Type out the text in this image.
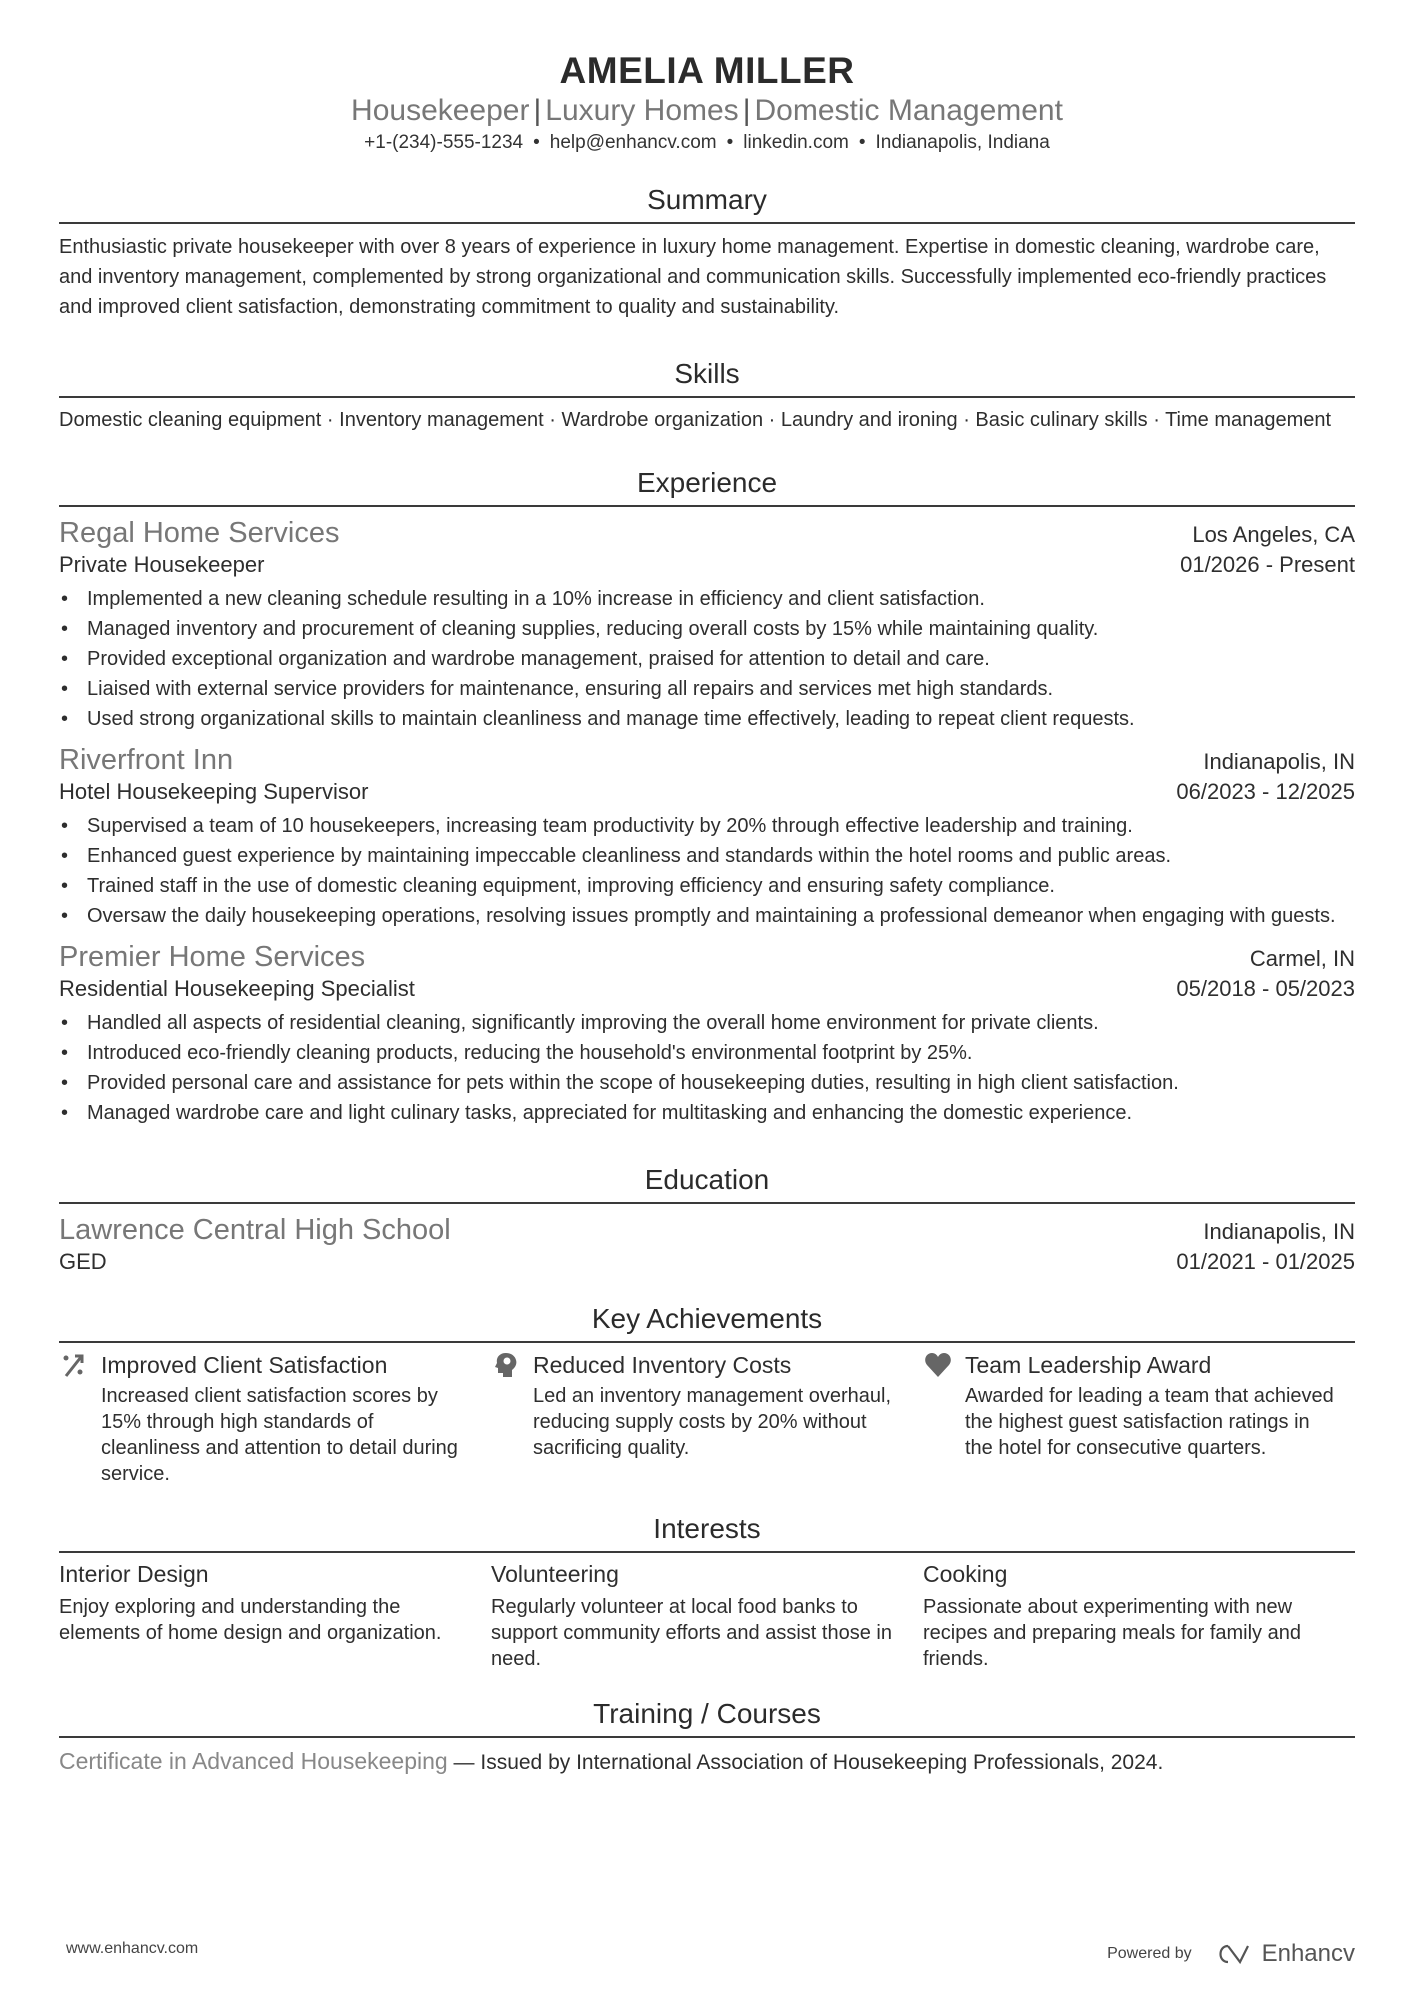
AMELIA MILLER
Housekeeper | Luxury Homes | Domestic Management
+1-(234)-555-1234 • help@enhancv.com • linkedin.com • Indianapolis, Indiana
Summary
Enthusiastic private housekeeper with over 8 years of experience in luxury home management. Expertise in domestic cleaning, wardrobe care, and inventory management, complemented by strong organizational and communication skills. Successfully implemented eco-friendly practices and improved client satisfaction, demonstrating commitment to quality and sustainability.
Skills
Domestic cleaning equipment · Inventory management · Wardrobe organization · Laundry and ironing · Basic culinary skills · Time management
Experience
Regal Home Services	Los Angeles, CA
Private Housekeeper	01/2026 - Present
• Implemented a new cleaning schedule resulting in a 10% increase in efficiency and client satisfaction.
• Managed inventory and procurement of cleaning supplies, reducing overall costs by 15% while maintaining quality.
• Provided exceptional organization and wardrobe management, praised for attention to detail and care.
• Liaised with external service providers for maintenance, ensuring all repairs and services met high standards.
• Used strong organizational skills to maintain cleanliness and manage time effectively, leading to repeat client requests.
Riverfront Inn	Indianapolis, IN
Hotel Housekeeping Supervisor	06/2023 - 12/2025
• Supervised a team of 10 housekeepers, increasing team productivity by 20% through effective leadership and training.
• Enhanced guest experience by maintaining impeccable cleanliness and standards within the hotel rooms and public areas.
• Trained staff in the use of domestic cleaning equipment, improving efficiency and ensuring safety compliance.
• Oversaw the daily housekeeping operations, resolving issues promptly and maintaining a professional demeanor when engaging with guests.
Premier Home Services	Carmel, IN
Residential Housekeeping Specialist	05/2018 - 05/2023
• Handled all aspects of residential cleaning, significantly improving the overall home environment for private clients.
• Introduced eco-friendly cleaning products, reducing the household's environmental footprint by 25%.
• Provided personal care and assistance for pets within the scope of housekeeping duties, resulting in high client satisfaction.
• Managed wardrobe care and light culinary tasks, appreciated for multitasking and enhancing the domestic experience.
Education
Lawrence Central High School	Indianapolis, IN
GED	01/2021 - 01/2025
Key Achievements
Improved Client Satisfaction
Increased client satisfaction scores by 15% through high standards of cleanliness and attention to detail during service.
Reduced Inventory Costs
Led an inventory management overhaul, reducing supply costs by 20% without sacrificing quality.
Team Leadership Award
Awarded for leading a team that achieved the highest guest satisfaction ratings in the hotel for consecutive quarters.
Interests
Interior Design
Enjoy exploring and understanding the elements of home design and organization.
Volunteering
Regularly volunteer at local food banks to support community efforts and assist those in need.
Cooking
Passionate about experimenting with new recipes and preparing meals for family and friends.
Training / Courses
Certificate in Advanced Housekeeping — Issued by International Association of Housekeeping Professionals, 2024.
www.enhancv.com	Powered by	Enhancv
